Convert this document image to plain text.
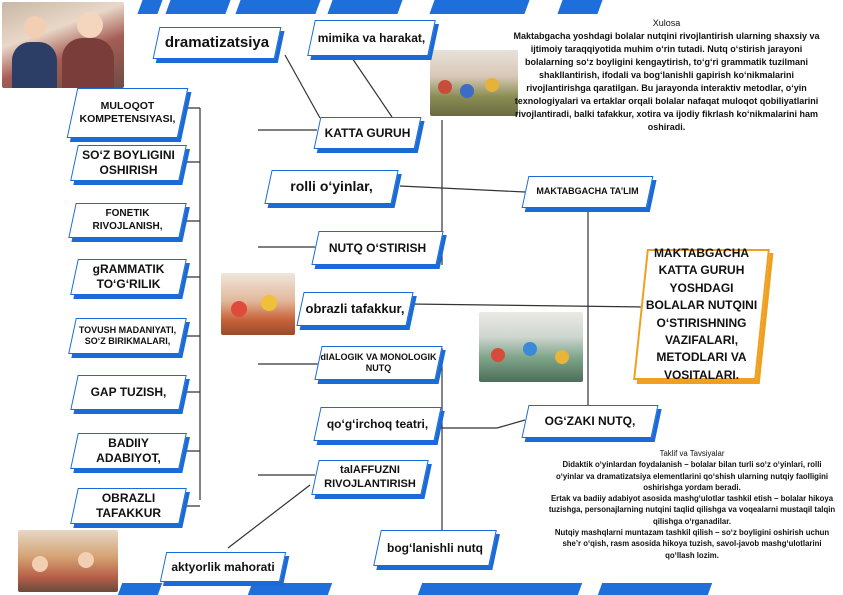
dramatizatsiya
MULOQOT KOMPETENSIYASI,
SO‘Z BOYLIGINI OSHIRISH
FONETIK RIVOJLANISH,
gRAMMATIK TO‘G‘RILIK
TOVUSH MADANIYATI, SO‘Z BIRIKMALARI,
GAP TUZISH,
BADIIY ADABIYOT,
OBRAZLI TAFAKKUR
mimika va harakat,
KATTA GURUH
rolli o‘yinlar,
NUTQ O‘STIRISH
obrazli tafakkur,
dIALOGIK VA MONOLOGIK NUTQ
qo‘g‘irchoq teatri,
talAFFUZNI RIVOJLANTIRISH
aktyorlik mahorati
bog‘lanishli nutq
MAKTABGACHA TA’LIM
OG‘ZAKI NUTQ,
MAKTABGACHA KATTA GURUH YOSHDAGI BOLALAR NUTQINI O‘STIRISHNING VAZIFALARI, METODLARI VA VOSITALARI.
Xulosa
Maktabgacha yoshdagi bolalar nutqini rivojlantirish ularning shaxsiy va ijtimoiy taraqqiyotida muhim o‘rin tutadi. Nutq o‘stirish jarayoni bolalarning so‘z boyligini kengaytirish, to‘g‘ri grammatik tuzilmani shakllantirish, ifodali va bog‘lanishli gapirish ko‘nikmalarini rivojlantirishga qaratilgan. Bu jarayonda interaktiv metodlar, o‘yin texnologiyalari va ertaklar orqali bolalar nafaqat muloqot qobiliyatlarini rivojlantiradi, balki tafakkur, xotira va ijodiy fikrlash ko‘nikmalarini ham oshiradi.
Taklif va Tavsiyalar
Didaktik o‘yinlardan foydalanish – bolalar bilan turli so‘z o‘yinlari, rolli o‘yinlar va dramatizatsiya elementlarini qo‘shish ularning nutqiy faolligini oshirishga yordam beradi.
Ertak va badiiy adabiyot asosida mashg‘ulotlar tashkil etish – bolalar hikoya tuzishga, personajlarning nutqini taqlid qilishga va voqealarni mustaqil talqin qilishga o‘rganadilar.
Nutqiy mashqlarni muntazam tashkil qilish – so‘z boyligini oshirish uchun she’r o‘qish, rasm asosida hikoya tuzish, savol-javob mashg‘ulotlarini qo‘llash lozim.
